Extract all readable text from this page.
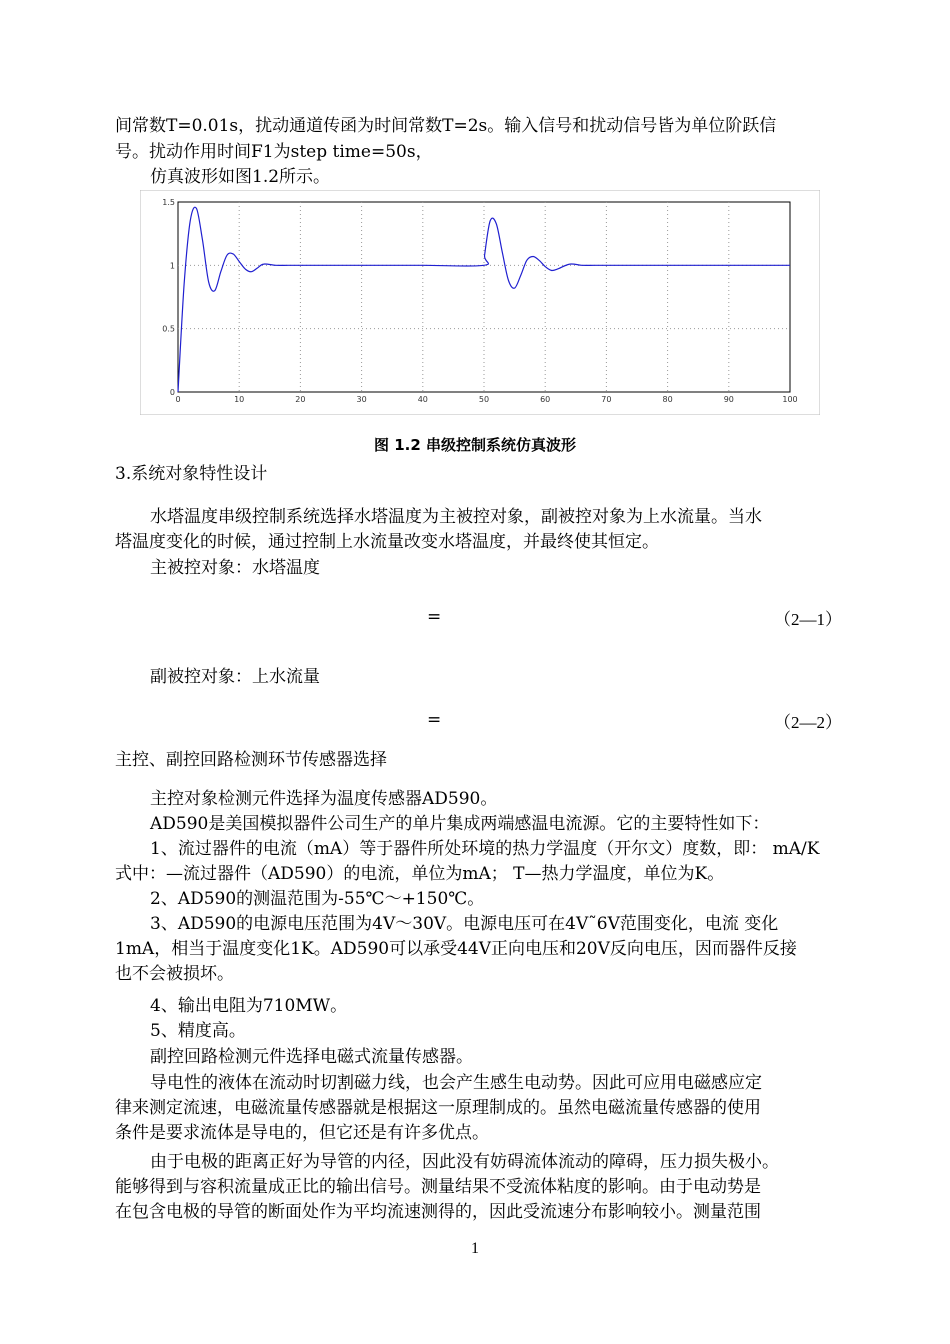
间常数T=0.01s，扰动通道传函为时间常数T=2s。输入信号和扰动信号皆为单位阶跃信

号。扰动作用时间F1为step time=50s，

仿真波形如图1.2所示。

0	10	20	30	40	50	60	70	80	90	100
0
0.5
1
1.5
图 1.2 串级控制系统仿真波形

3.系统对象特性设计

水塔温度串级控制系统选择水塔温度为主被控对象，副被控对象为上水流量。当水

塔温度变化的时候，通过控制上水流量改变水塔温度，并最终使其恒定。

主被控对象：水塔温度

=	（2—1）

副被控对象：上水流量

=	（2—2）

主控、副控回路检测环节传感器选择

主控对象检测元件选择为温度传感器AD590。

AD590是美国模拟器件公司生产的单片集成两端感温电流源。它的主要特性如下：

1、流过器件的电流（mA）等于器件所处环境的热力学温度（开尔文）度数，即： mA/K

式中：—流过器件（AD590）的电流，单位为mA； T—热力学温度，单位为K。

2、AD590的测温范围为-55℃～+150℃。

3、AD590的电源电压范围为4V～30V。电源电压可在4V˜6V范围变化，电流 变化

1mA，相当于温度变化1K。AD590可以承受44V正向电压和20V反向电压，因而器件反接

也不会被损坏。

4、输出电阻为710MW。

5、精度高。

副控回路检测元件选择电磁式流量传感器。

导电性的液体在流动时切割磁力线，也会产生感生电动势。因此可应用电磁感应定

律来测定流速，电磁流量传感器就是根据这一原理制成的。虽然电磁流量传感器的使用

条件是要求流体是导电的，但它还是有许多优点。

由于电极的距离正好为导管的内径，因此没有妨碍流体流动的障碍，压力损失极小。

能够得到与容积流量成正比的输出信号。测量结果不受流体粘度的影响。由于电动势是

在包含电极的导管的断面处作为平均流速测得的，因此受流速分布影响较小。测量范围

1
